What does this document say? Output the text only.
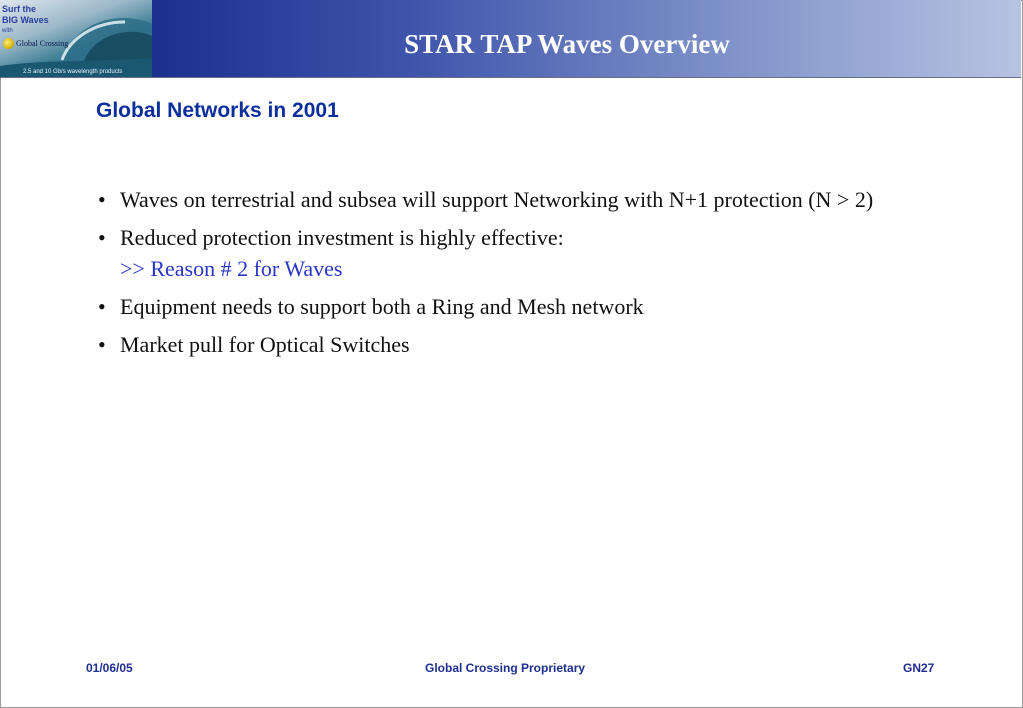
Surf the
BIG Waves
with
Global Crossing
2.5 and 10 Gb/s wavelength products
STAR TAP Waves Overview
Global Networks in 2001
• Waves on terrestrial and subsea will support Networking with N+1 protection (N > 2)
• Reduced protection investment is highly effective:
>> Reason # 2 for Waves
• Equipment needs to support both a Ring and Mesh network
• Market pull for Optical Switches
01/06/05	Global Crossing Proprietary	GN27
